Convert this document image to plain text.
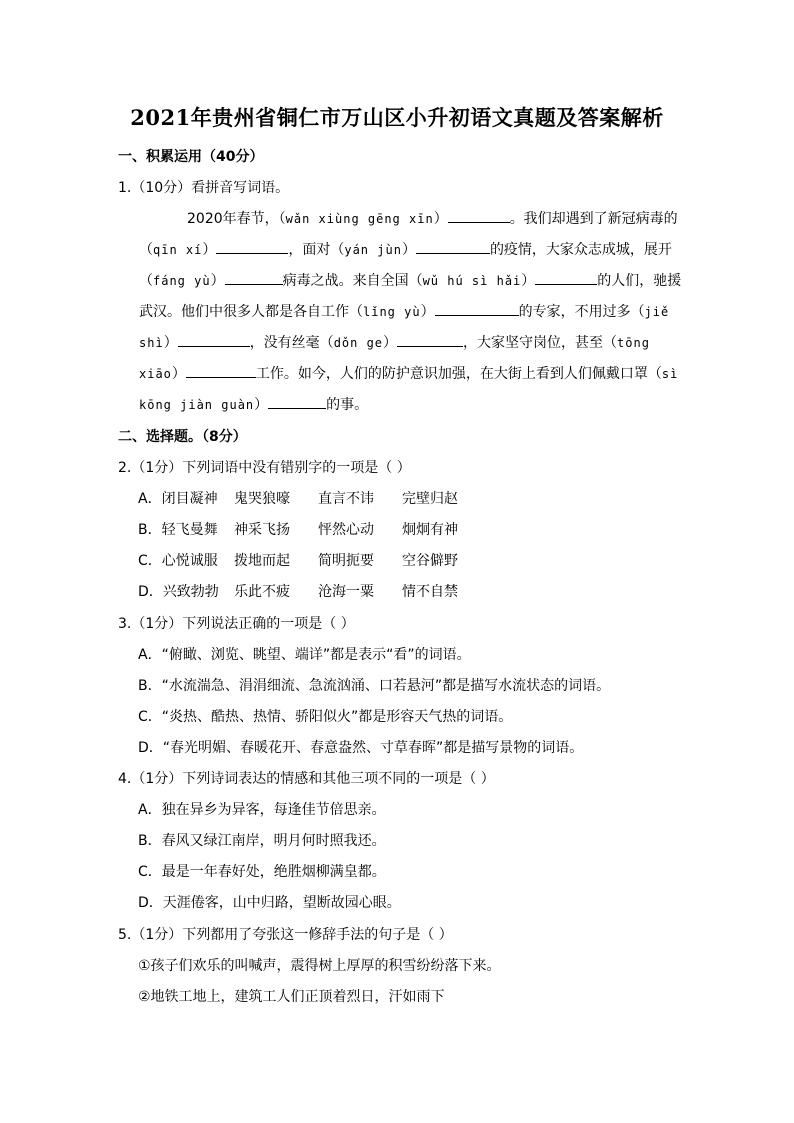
2021年贵州省铜仁市万山区小升初语文真题及答案解析
一、积累运用（40分）
1.（10分）看拼音写词语。
2020年春节，（wǎn xiùng gēng xīn）	。我们却遇到了新冠病毒的
（qīn xí）	，面对（yán jùn）	的疫情，大家众志成城，展开
（fáng yù）	病毒之战。来自全国（wǔ hú sì hǎi）	的人们，驰援
武汉。他们中很多人都是各自工作（lǐng yù）	的专家，不用过多（jiě
shì）	，没有丝毫（dǒn ge）	，大家坚守岗位，甚至（tōng
xiāo）	工作。如今，人们的防护意识加强，在大街上看到人们佩戴口罩（sì
kōng jiàn guàn）	的事。
二、选择题。（8分）
2.（1分）下列词语中没有错别字的一项是（ ）
A．闭目凝神 鬼哭狼嚎 直言不讳 完壁归赵
B．轻飞曼舞 神采飞扬 怦然心动 炯炯有神
C．心悦诚服 拨地而起 简明扼要 空谷僻野
D．兴致勃勃 乐此不疲 沧海一粟 情不自禁
3.（1分）下列说法正确的一项是（ ）
A．“俯瞰、浏览、眺望、端详”都是表示“看”的词语。
B．“水流湍急、涓涓细流、急流汹涌、口若悬河”都是描写水流状态的词语。
C．“炎热、酷热、热情、骄阳似火”都是形容天气热的词语。
D．“春光明媚、春暖花开、春意盎然、寸草春晖”都是描写景物的词语。
4.（1分）下列诗词表达的情感和其他三项不同的一项是（ ）
A．独在异乡为异客，每逢佳节倍思亲。
B．春风又绿江南岸，明月何时照我还。
C．最是一年春好处，绝胜烟柳满皇都。
D．天涯倦客，山中归路，望断故园心眼。
5.（1分）下列都用了夸张这一修辞手法的句子是（ ）
①孩子们欢乐的叫喊声，震得树上厚厚的积雪纷纷落下来。
②地铁工地上，建筑工人们正顶着烈日，汗如雨下
